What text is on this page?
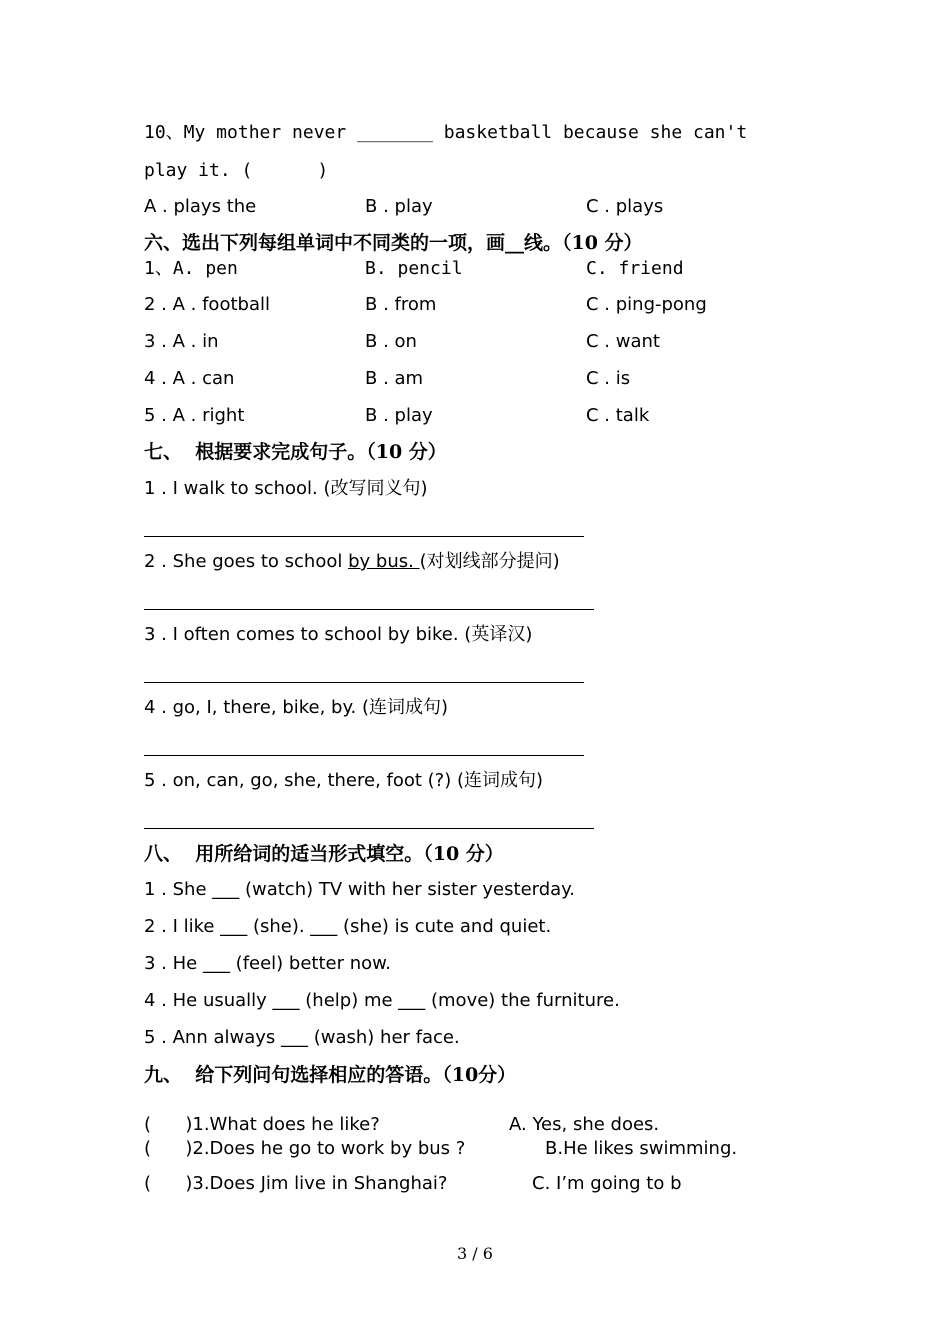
10、My mother never _______ basketball because she can't
play it. (      )
A . plays the	B . play	C . plays
六、选出下列每组单词中不同类的一项，画__线。（10 分）
1、A. pen	B. pencil	C. friend
2 . A . football	B . from	C . ping-pong
3 . A . in	B . on	C . want
4 . A . can	B . am	C . is
5 . A . right	B . play	C . talk
七、  根据要求完成句子。（10 分）
1 . I walk to school. (改写同义句)
2 . She goes to school by bus. (对划线部分提问)
3 . I often comes to school by bike. (英译汉)
4 . go, I, there, bike, by. (连词成句)
5 . on, can, go, she, there, foot (?) (连词成句)
八、  用所给词的适当形式填空。（10 分）
1 . She ___ (watch) TV with her sister yesterday.
2 . I like ___ (she). ___ (she) is cute and quiet.
3 . He ___ (feel) better now.
4 . He usually ___ (help) me ___ (move) the furniture.
5 . Ann always ___ (wash) her face.
九、  给下列问句选择相应的答语。（10分）
(      )1.What does he like?	A. Yes, she does.
(      )2.Does he go to work by bus ?	B.He likes swimming.
(      )3.Does Jim live in Shanghai?	C. I’m going to b
3 / 6
